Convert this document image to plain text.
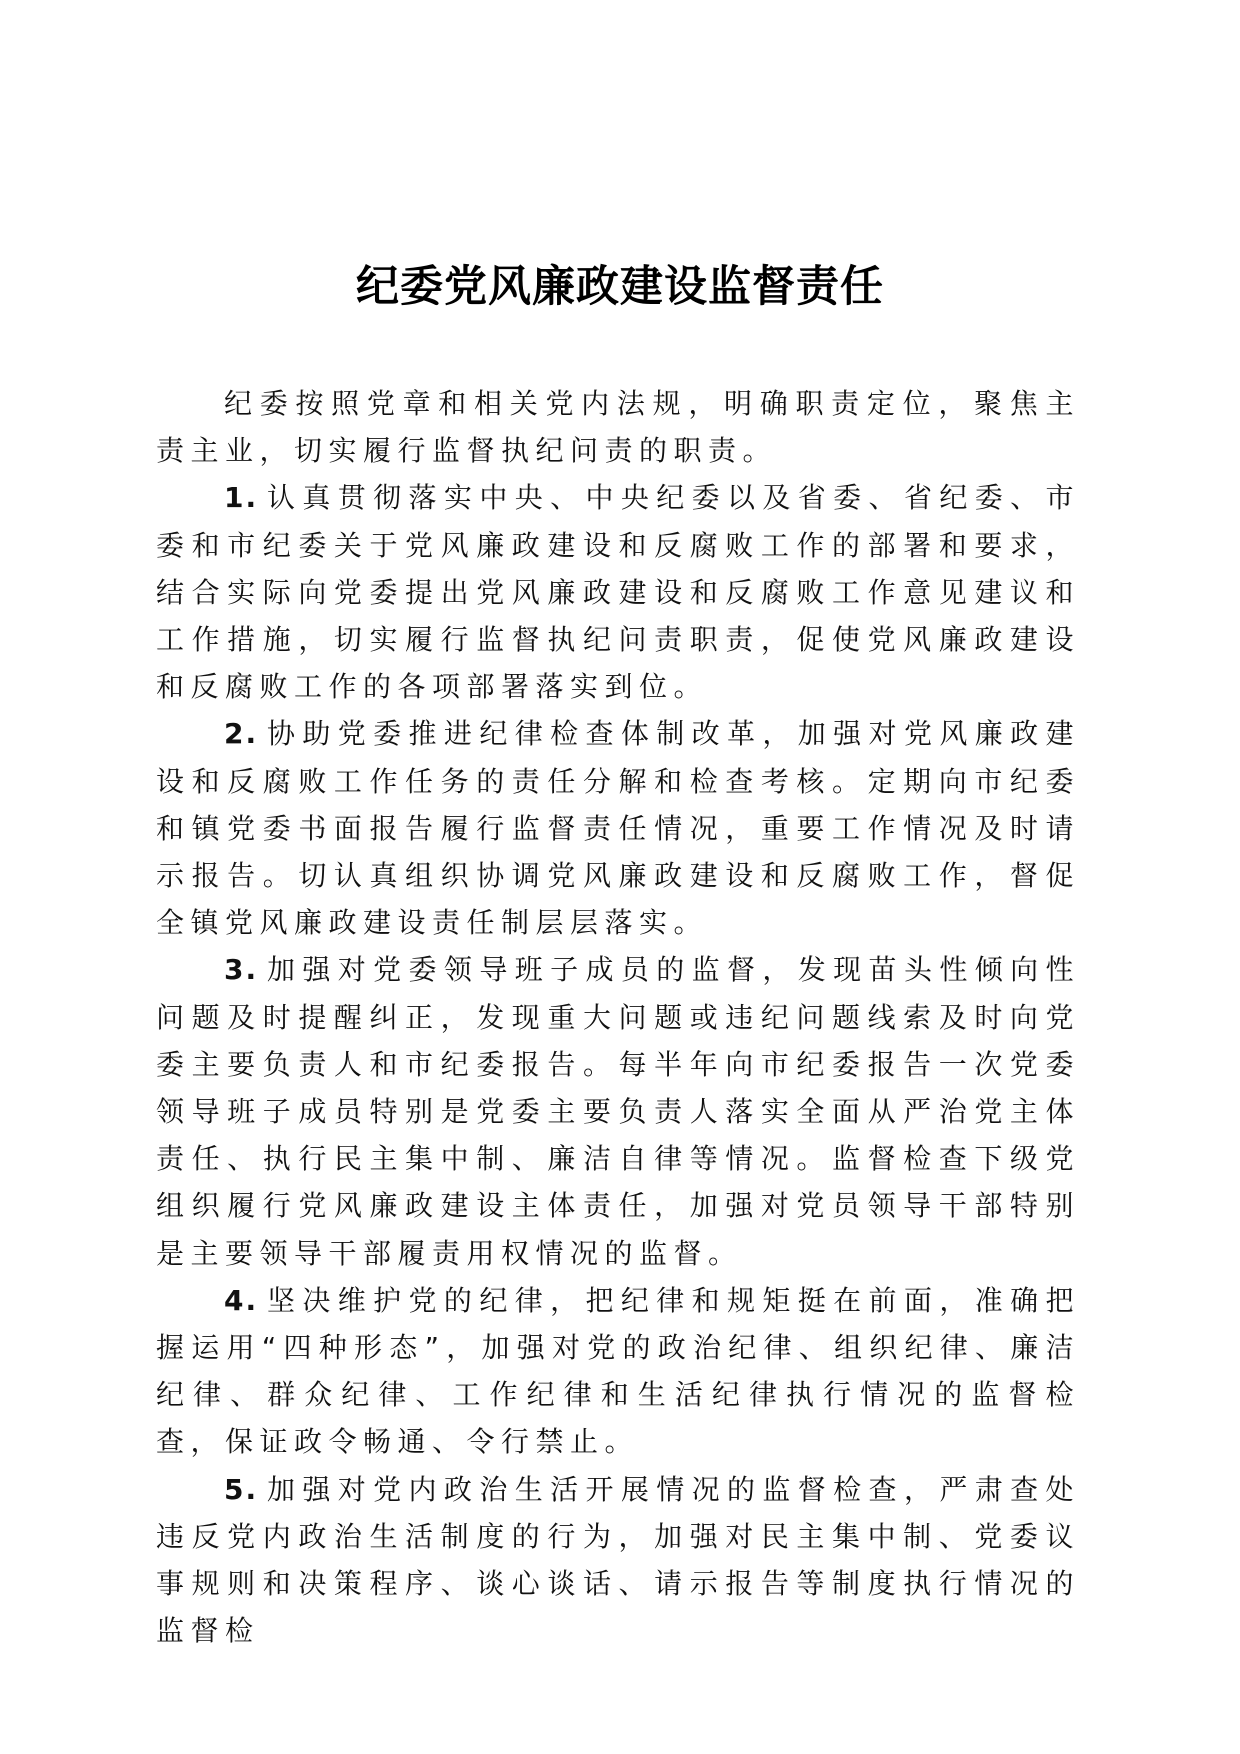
纪委党风廉政建设监督责任

纪委按照党章和相关党内法规，明确职责定位，聚焦主责主业，切实履行监督执纪问责的职责。

1. 认真贯彻落实中央、中央纪委以及省委、省纪委、市委和市纪委关于党风廉政建设和反腐败工作的部署和要求，结合实际向党委提出党风廉政建设和反腐败工作意见建议和工作措施，切实履行监督执纪问责职责，促使党风廉政建设和反腐败工作的各项部署落实到位。

2. 协助党委推进纪律检查体制改革，加强对党风廉政建设和反腐败工作任务的责任分解和检查考核。定期向市纪委和镇党委书面报告履行监督责任情况，重要工作情况及时请示报告。切认真组织协调党风廉政建设和反腐败工作，督促全镇党风廉政建设责任制层层落实。

3. 加强对党委领导班子成员的监督，发现苗头性倾向性问题及时提醒纠正，发现重大问题或违纪问题线索及时向党委主要负责人和市纪委报告。每半年向市纪委报告一次党委领导班子成员特别是党委主要负责人落实全面从严治党主体责任、执行民主集中制、廉洁自律等情况。监督检查下级党组织履行党风廉政建设主体责任，加强对党员领导干部特别是主要领导干部履责用权情况的监督。

4. 坚决维护党的纪律，把纪律和规矩挺在前面，准确把握运用“四种形态”，加强对党的政治纪律、组织纪律、廉洁纪律、群众纪律、工作纪律和生活纪律执行情况的监督检查，保证政令畅通、令行禁止。

5. 加强对党内政治生活开展情况的监督检查，严肃查处违反党内政治生活制度的行为，加强对民主集中制、党委议事规则和决策程序、谈心谈话、请示报告等制度执行情况的监督检
